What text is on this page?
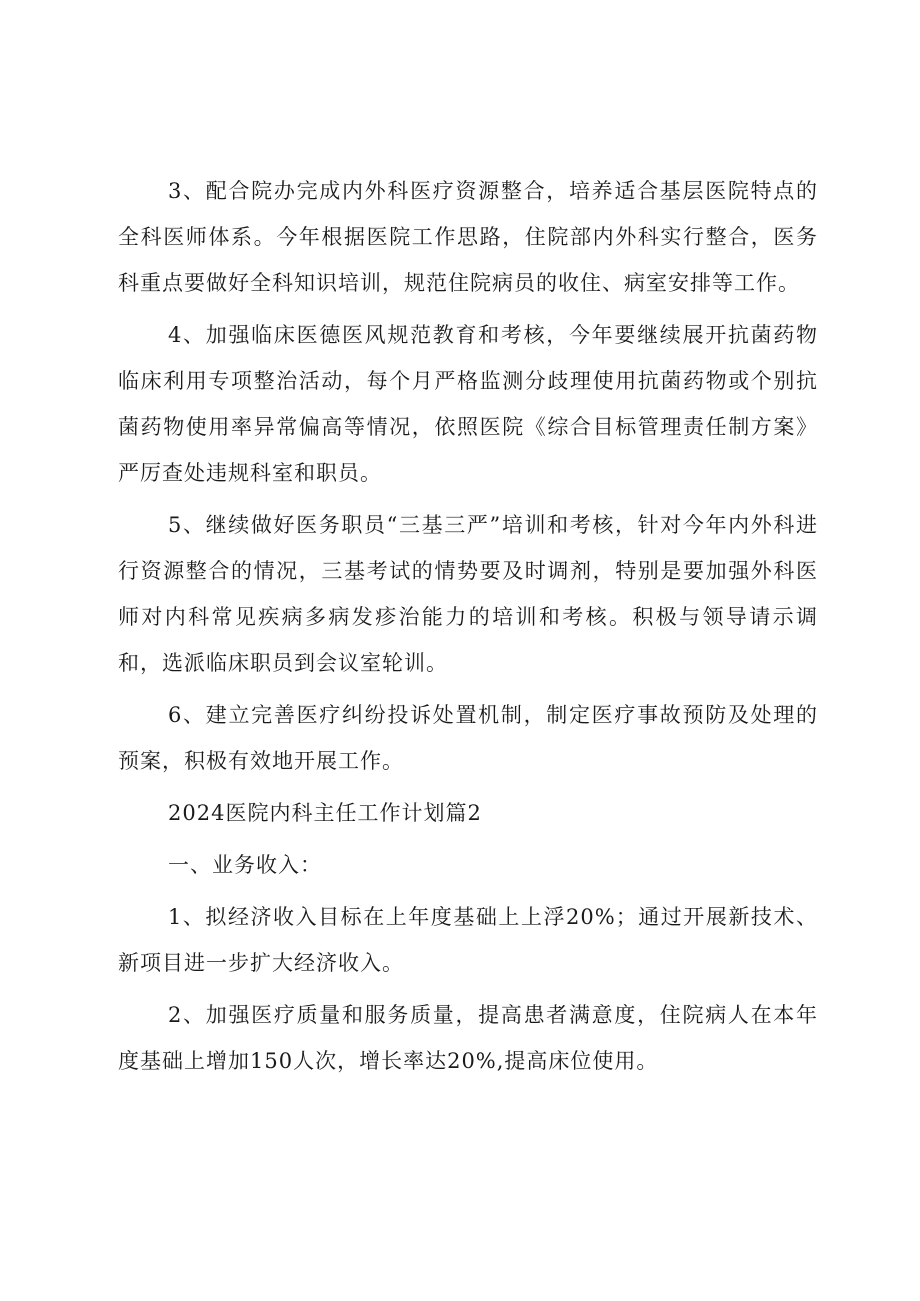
3、配合院办完成内外科医疗资源整合，培养适合基层医院特点的全科医师体系。今年根据医院工作思路，住院部内外科实行整合，医务科重点要做好全科知识培训，规范住院病员的收住、病室安排等工作。

4、加强临床医德医风规范教育和考核，今年要继续展开抗菌药物临床利用专项整治活动，每个月严格监测分歧理使用抗菌药物或个别抗菌药物使用率异常偏高等情况，依照医院《综合目标管理责任制方案》严厉查处违规科室和职员。

5、继续做好医务职员“三基三严”培训和考核，针对今年内外科进行资源整合的情况，三基考试的情势要及时调剂，特别是要加强外科医师对内科常见疾病多病发疹治能力的培训和考核。积极与领导请示调和，选派临床职员到会议室轮训。

6、建立完善医疗纠纷投诉处置机制，制定医疗事故预防及处理的预案，积极有效地开展工作。

2024医院内科主任工作计划篇2

一、业务收入：

1、拟经济收入目标在上年度基础上上浮20%；通过开展新技术、新项目进一步扩大经济收入。

2、加强医疗质量和服务质量，提高患者满意度，住院病人在本年度基础上增加150人次，增长率达20%,提高床位使用。
